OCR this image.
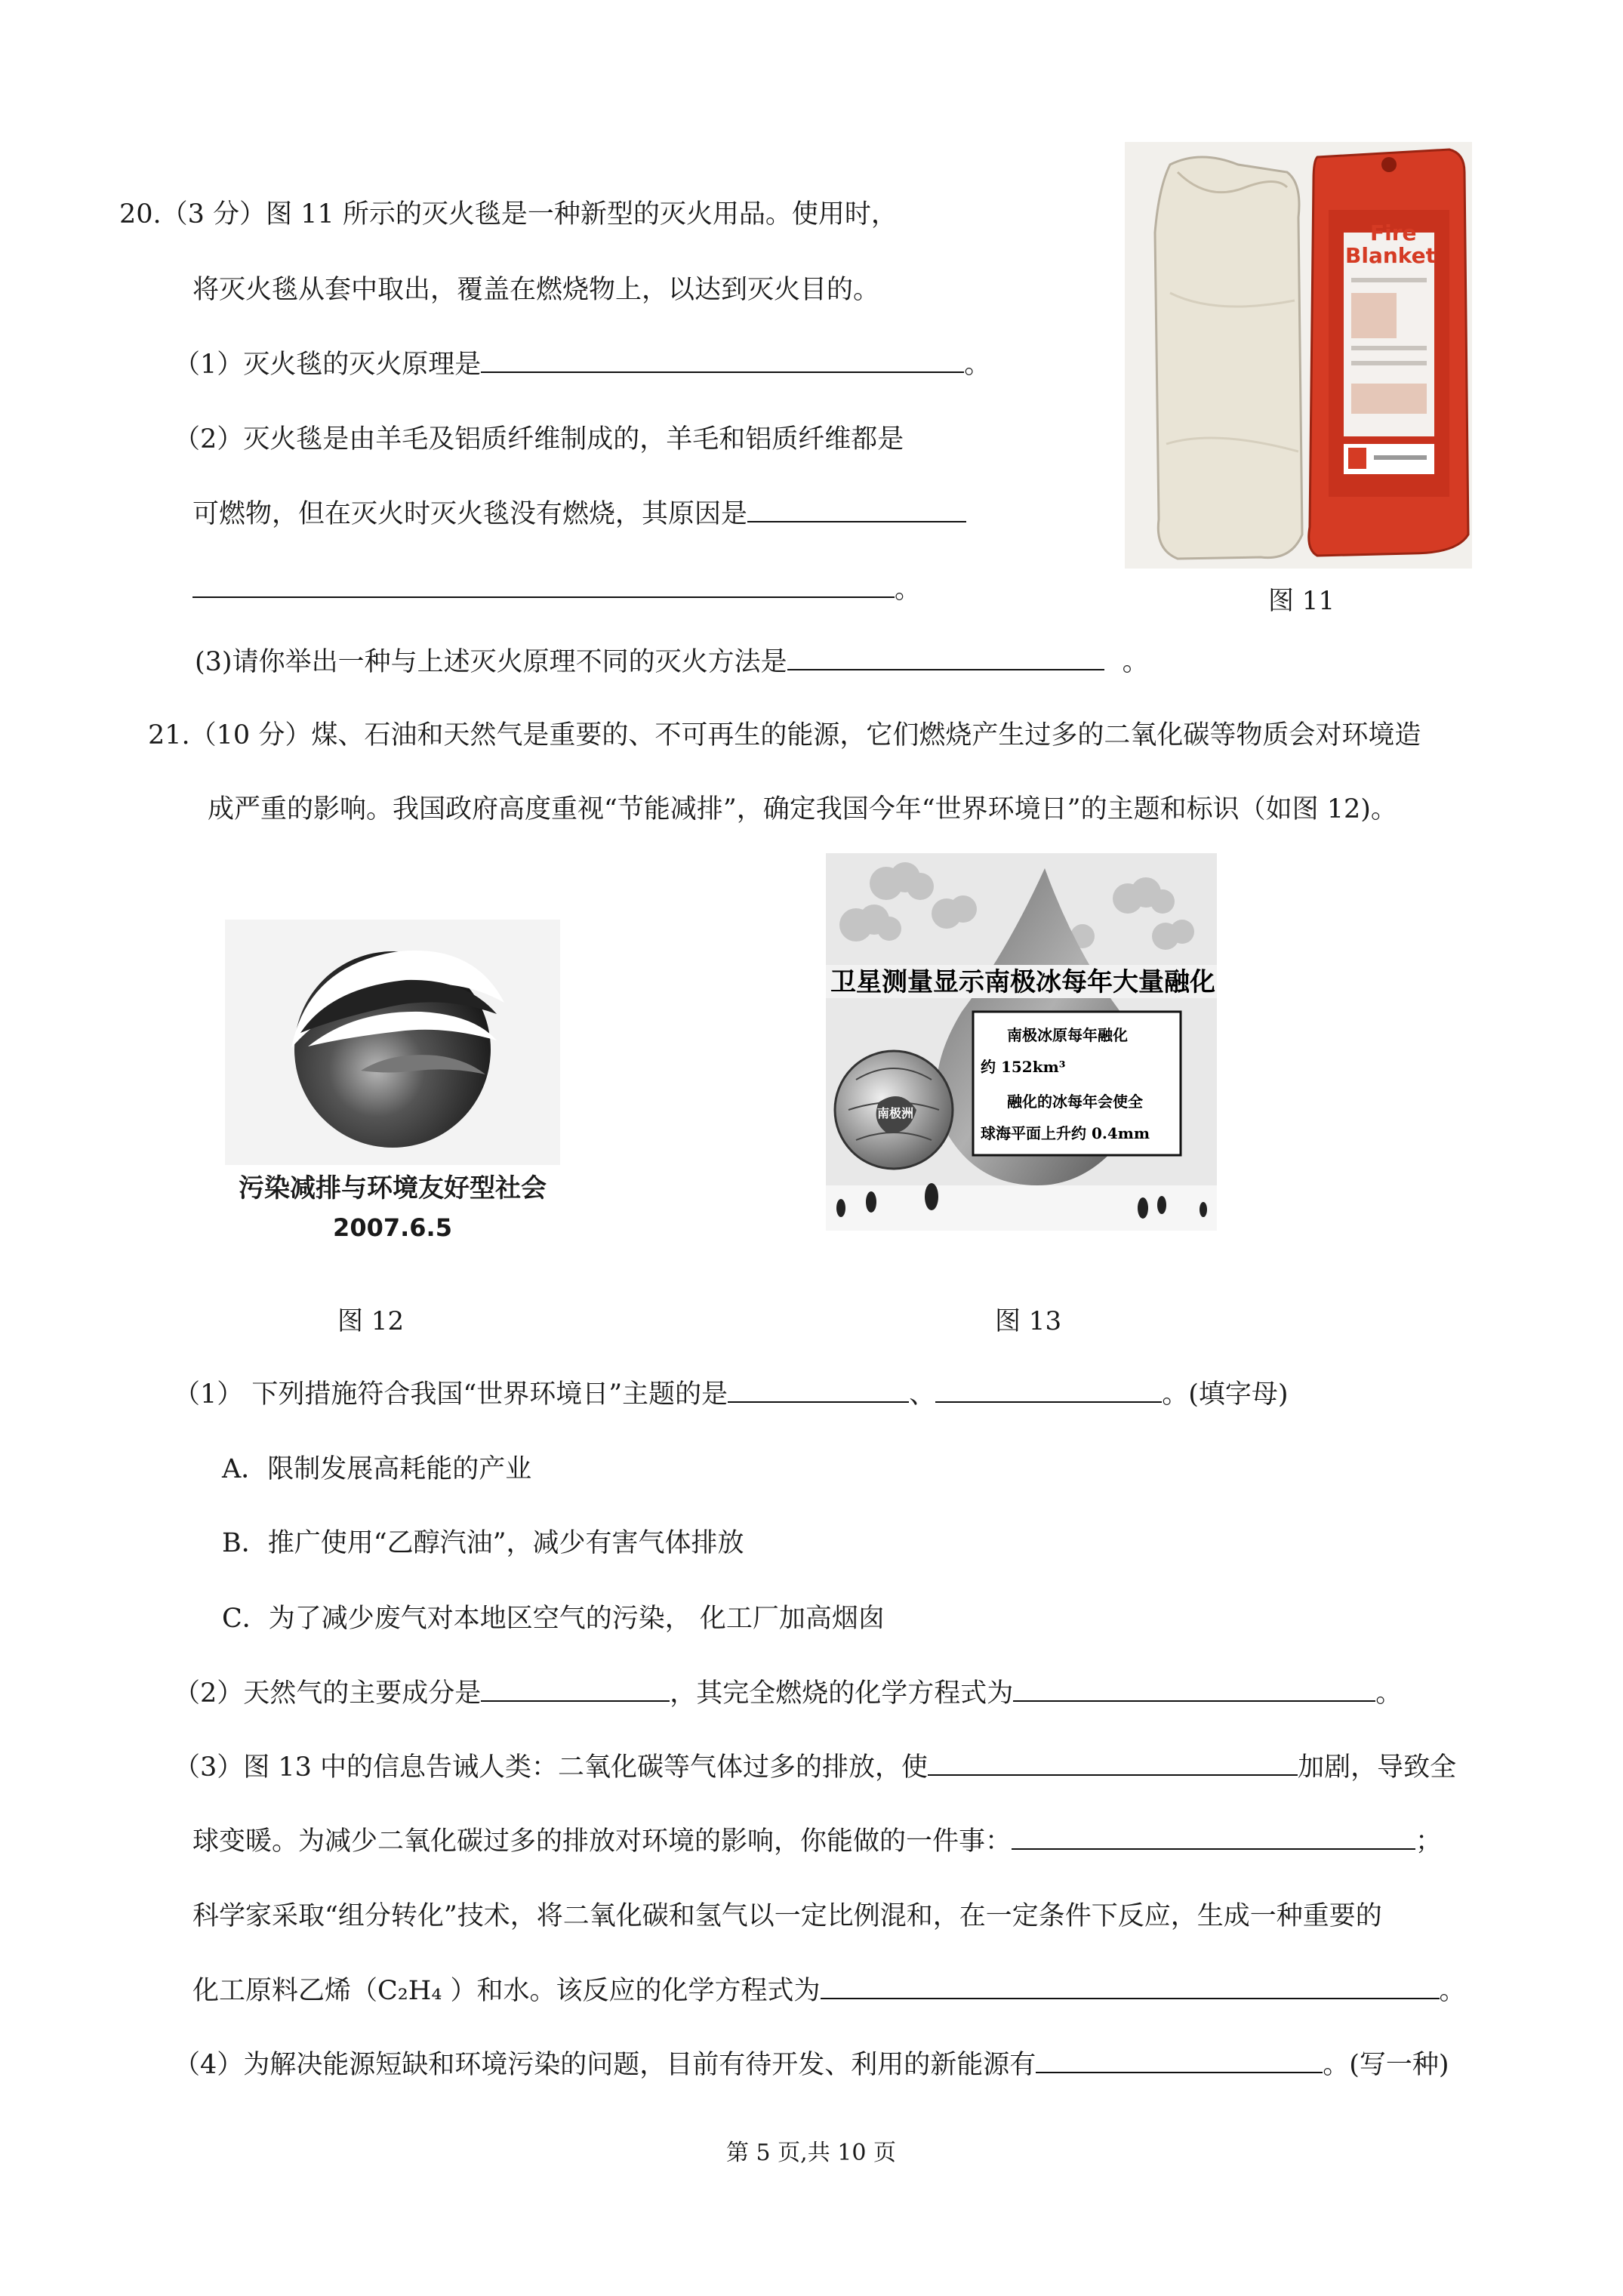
20.（3 分）图 11 所示的灭火毯是一种新型的灭火用品。使用时，
将灭火毯从套中取出，覆盖在燃烧物上，以达到灭火目的。
（1）灭火毯的灭火原理是	。
（2）灭火毯是由羊毛及铝质纤维制成的，羊毛和铝质纤维都是
可燃物，但在灭火时灭火毯没有燃烧，其原因是
。
(3)请你举出一种与上述灭火原理不同的灭火方法是	。
Fire
Blanket
图 11
21.（10 分）煤、石油和天然气是重要的、不可再生的能源，它们燃烧产生过多的二氧化碳等物质会对环境造
成严重的影响。我国政府高度重视“节能减排”，确定我国今年“世界环境日”的主题和标识（如图 12)。
污染减排与环境友好型社会
2007.6.5
图 12
卫星测量显示南极冰每年大量融化
南极冰原每年融化
约 152km³
融化的冰每年会使全
球海平面上升约 0.4mm
南极洲
图 13
（1） 下列措施符合我国“世界环境日”主题的是	、	。(填字母)
A．限制发展高耗能的产业
B．推广使用“乙醇汽油”，减少有害气体排放
C．为了减少废气对本地区空气的污染， 化工厂加高烟囱
（2）天然气的主要成分是	，其完全燃烧的化学方程式为	。
（3）图 13 中的信息告诫人类：二氧化碳等气体过多的排放，使	加剧，导致全
球变暖。为减少二氧化碳过多的排放对环境的影响，你能做的一件事：	；
科学家采取“组分转化”技术，将二氧化碳和氢气以一定比例混和，在一定条件下反应，生成一种重要的
化工原料乙烯（C₂H₄ ）和水。该反应的化学方程式为	。
（4）为解决能源短缺和环境污染的问题，目前有待开发、利用的新能源有	。(写一种)
第 5 页,共 10 页
